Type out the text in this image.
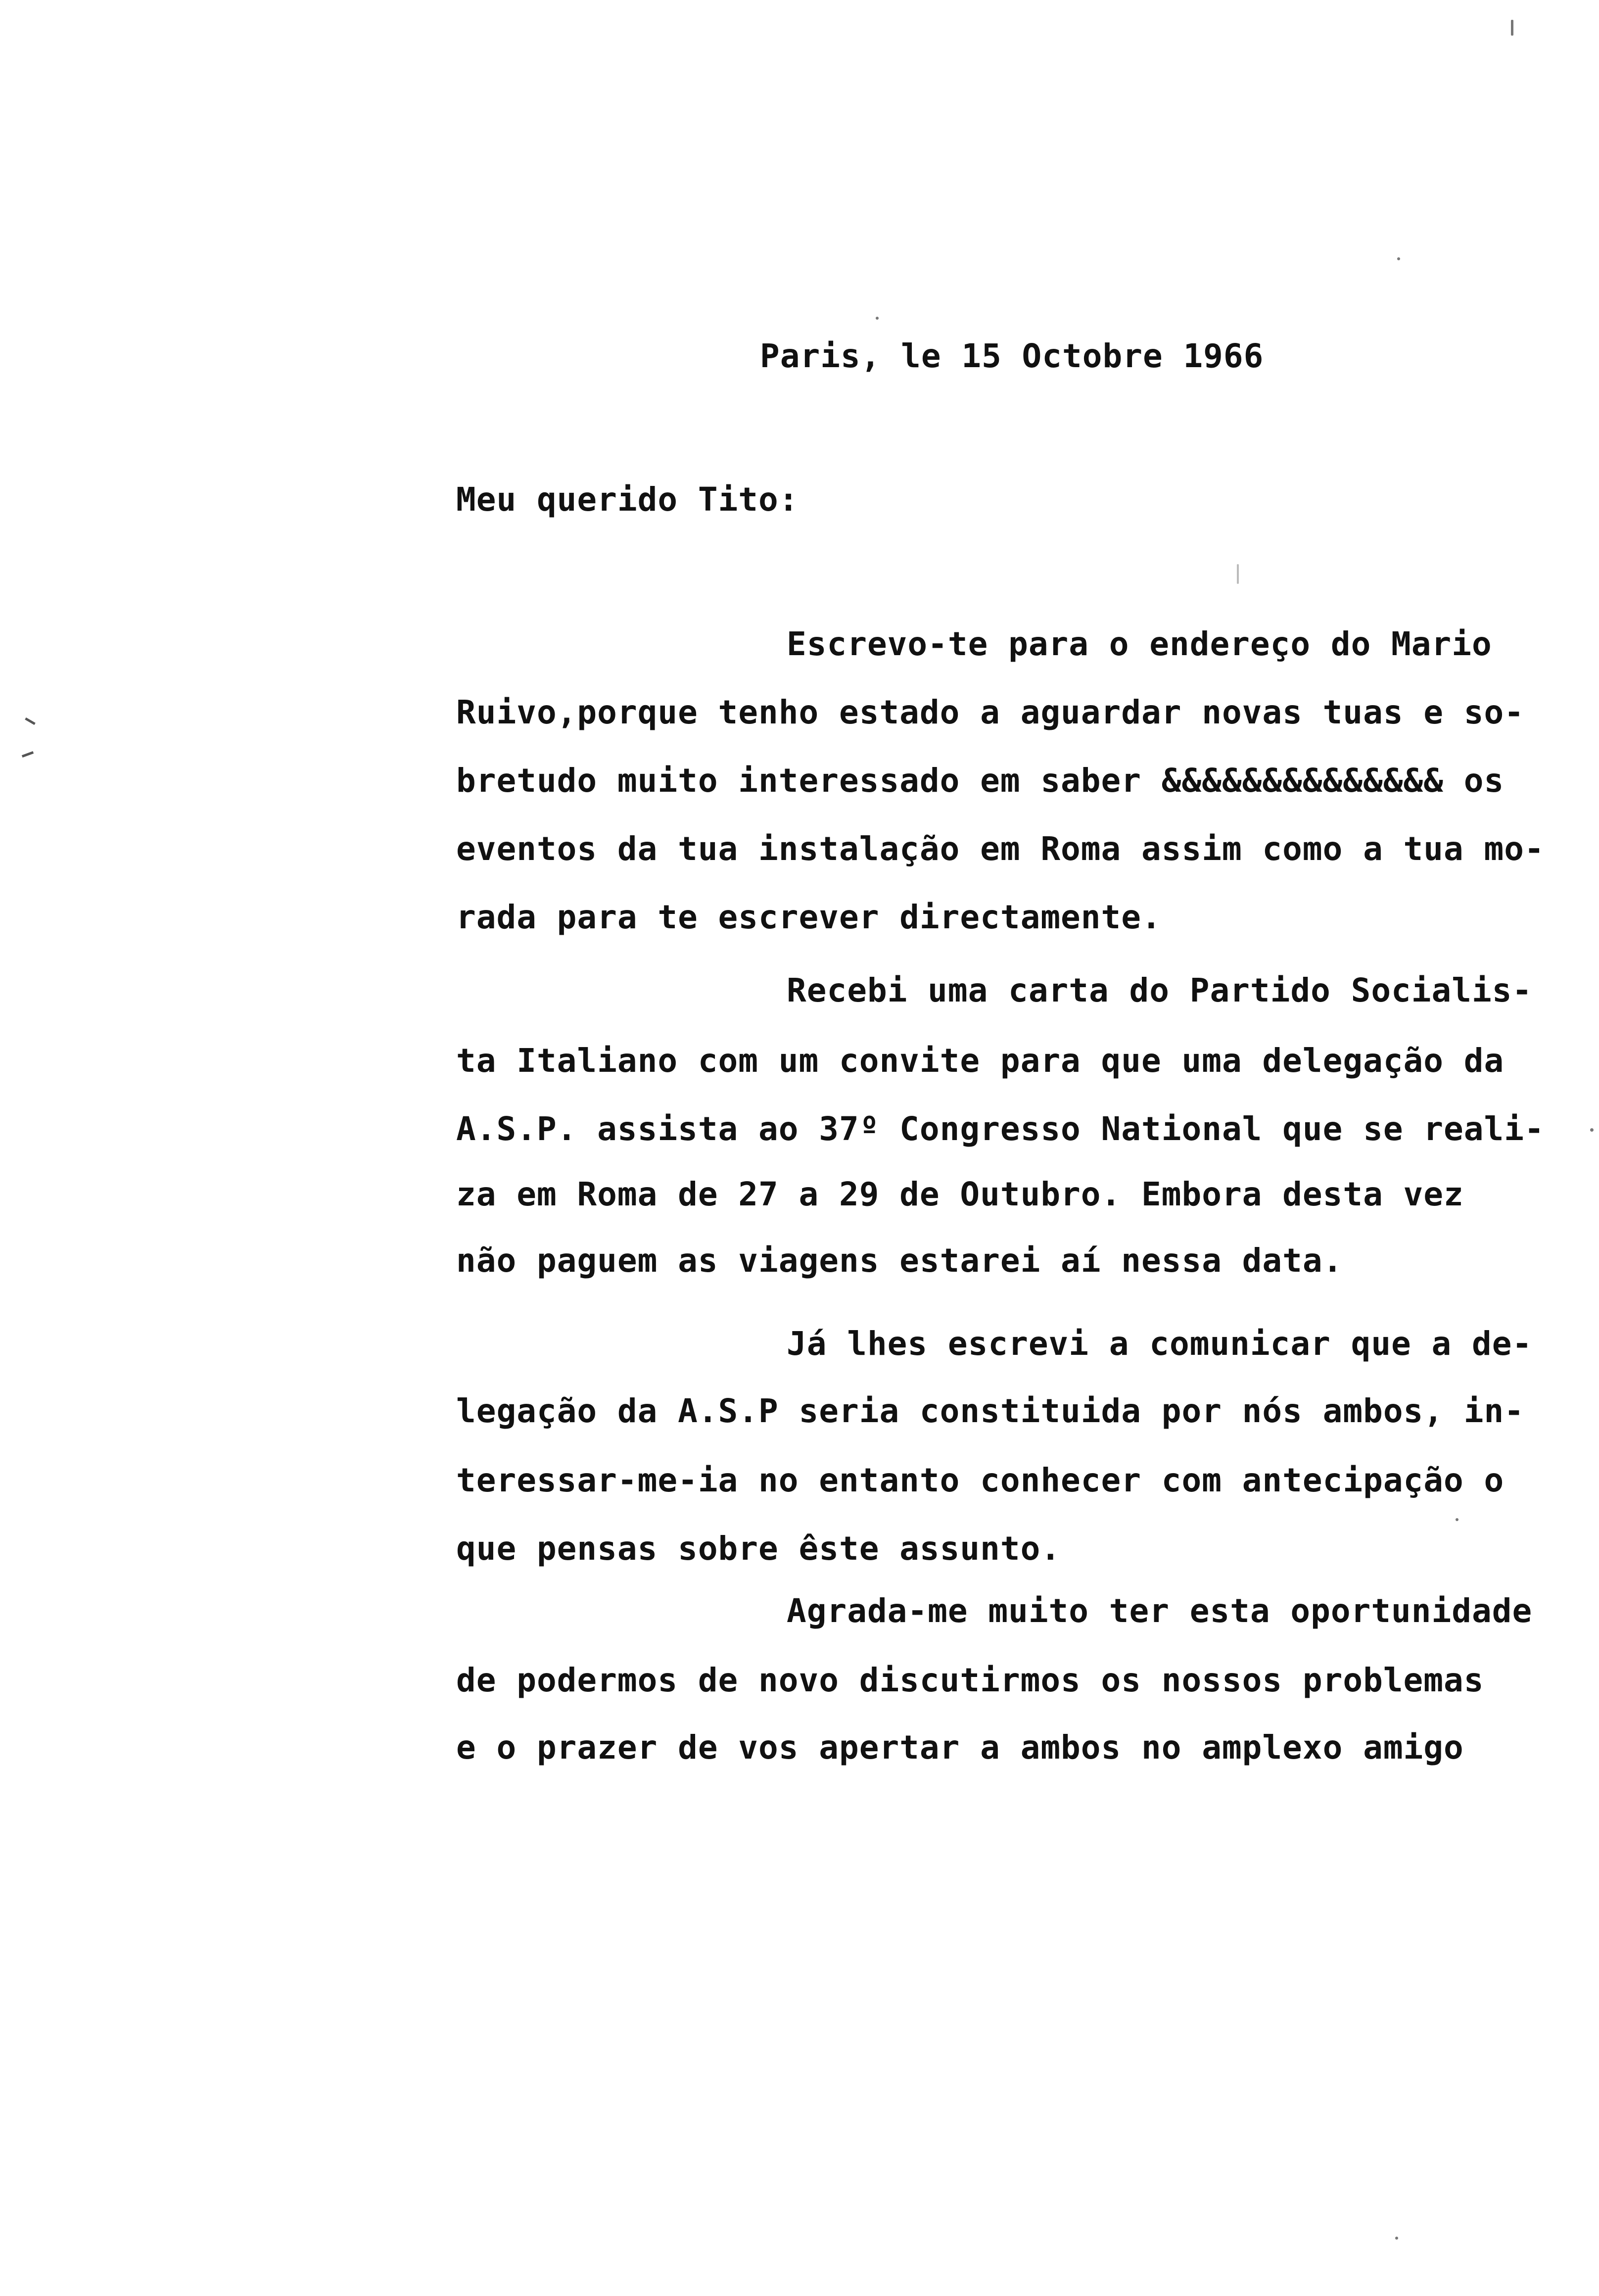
Paris, le 15 Octobre 1966
Meu querido Tito:
Escrevo-te para o endereço do Mario
Ruivo,porque tenho estado a aguardar novas tuas e so-
bretudo muito interessado em saber &&&&&&&&&&&&&& os
eventos da tua instalação em Roma assim como a tua mo-
rada para te escrever directamente.
Recebi uma carta do Partido Socialis-
ta Italiano com um convite para que uma delegação da
A.S.P. assista ao 37º Congresso National que se reali-
za em Roma de 27 a 29 de Outubro. Embora desta vez
não paguem as viagens estarei aí nessa data.
Já lhes escrevi a comunicar que a de-
legação da A.S.P seria constituida por nós ambos, in-
teressar-me-ia no entanto conhecer com antecipação o
que pensas sobre êste assunto.
Agrada-me muito ter esta oportunidade
de podermos de novo discutirmos os nossos problemas
e o prazer de vos apertar a ambos no amplexo amigo
